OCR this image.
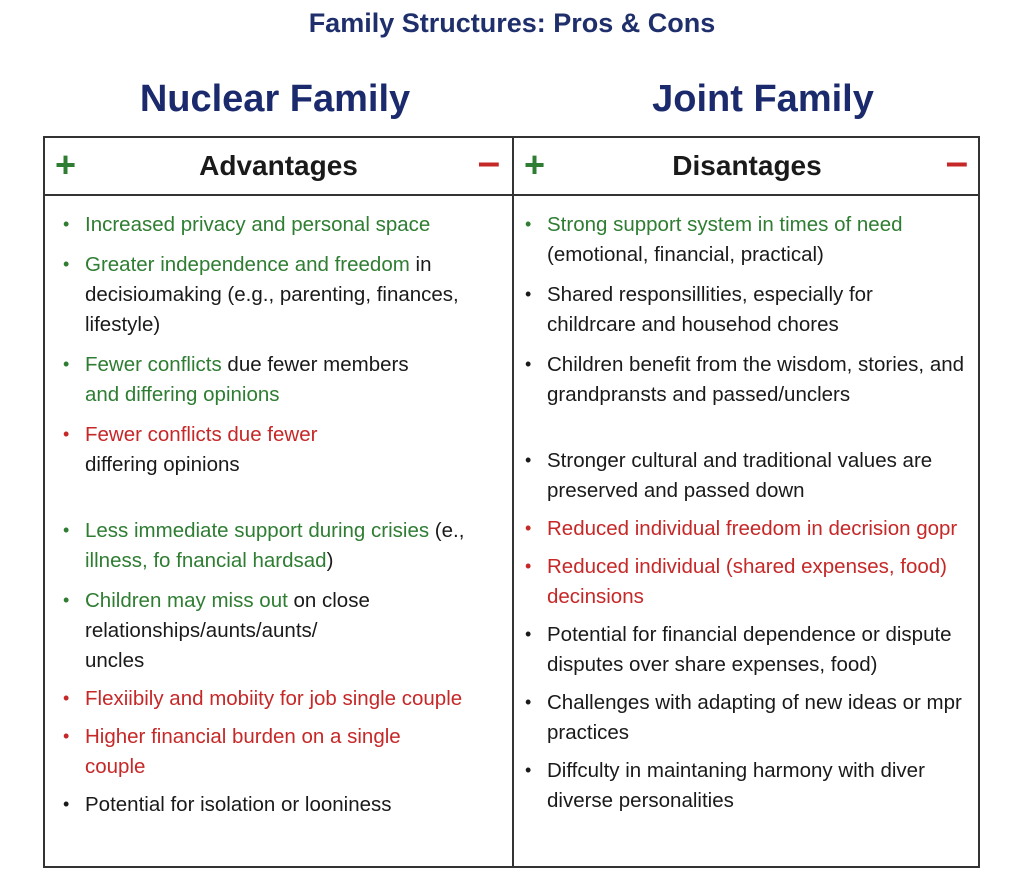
Family Structures: Pros & Cons
Nuclear Family	Joint Family
+	Advantages	– +	Disantages	–
• Increased privacy and personal space
• Greater independence and freedom in
decisioɹmaking (e.g., parenting, finances,
lifestyle)
• Fewer conflicts due fewer members
and differing opinions
• Fewer conflicts due fewer
differing opinions
• Less immediate support during crisies (e.,
illness, fo fnancial hardsad)
• Children may miss out on close
relationships/aunts/aunts/
uncles
• Flexiibily and mobiity for job single couple
• Higher financial burden on a single
couple
• Potential for isolation or looniness
• Strong support system in times of need
(emotional, financial, practical)
• Shared responsillities, especially for
childrcare and househod chores
• Children benefit from the wisdom, stories, and
grandpransts and passed/unclers
• Stronger cultural and traditional values are
preserved and passed down
• Reduced individual freedom in decrision gopr
• Reduced individual (shared expenses, food)
decinsions
• Potential for financial dependence or dispute
disputes over share expenses, food)
• Challenges with adapting of new ideas or mpr
practices
• Diffculty in maintaning harmony with diver
diverse personalities
